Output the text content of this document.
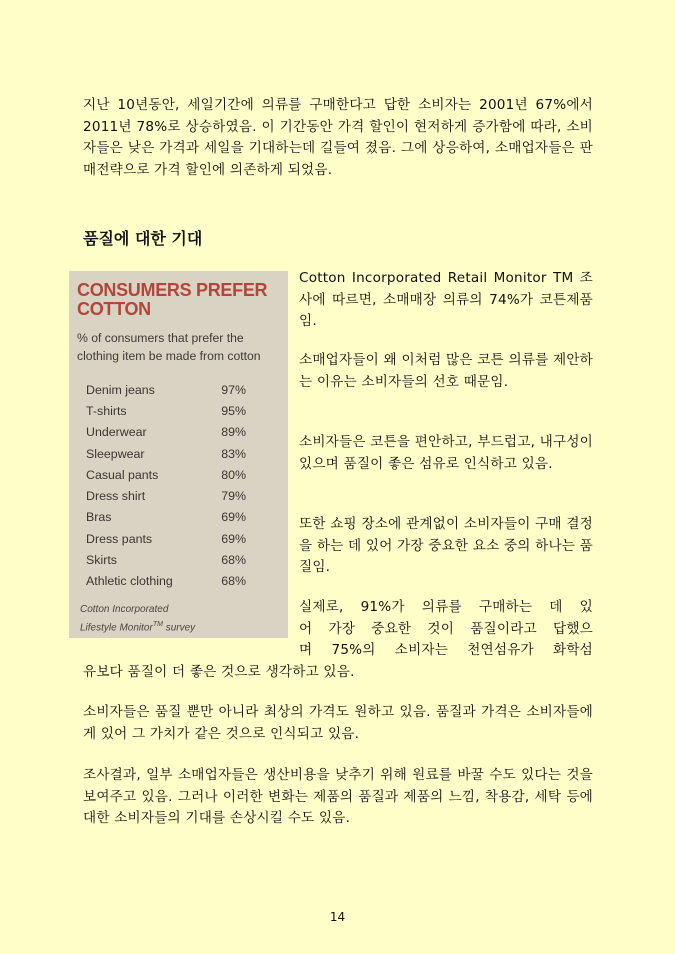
지난 10년동안, 세일기간에 의류를 구매한다고 답한 소비자는 2001년 67%에서 2011년 78%로 상승하였음. 이 기간동안 가격 할인이 현저하게 증가함에 따라, 소비자들은 낮은 가격과 세일을 기대하는데 길들여 졌음. 그에 상응하여, 소매업자들은 판매전략으로 가격 할인에 의존하게 되었음.

품질에 대한 기대

CONSUMERS PREFER COTTON

% of consumers that prefer the clothing item be made from cotton

Denim jeans	97%
T-shirts	95%
Underwear	89%
Sleepwear	83%
Casual pants	80%
Dress shirt	79%
Bras	69%
Dress pants	69%
Skirts	68%
Athletic clothing	68%

Cotton Incorporated
Lifestyle Monitor™ survey

Cotton Incorporated Retail Monitor TM 조사에 따르면, 소매매장 의류의 74%가 코튼제품임.

소매업자들이 왜 이처럼 많은 코튼 의류를 제안하는 이유는 소비자들의 선호 때문임.

소비자들은 코튼을 편안하고, 부드럽고, 내구성이 있으며 품질이 좋은 섬유로 인식하고 있음.

또한 쇼핑 장소에 관계없이 소비자들이 구매 결정을 하는 데 있어 가장 중요한 요소 중의 하나는 품질임.

실제로, 91%가 의류를 구매하는 데 있

어 가장 중요한 것이 품질이라고 답했으

며 75%의 소비자는 천연섬유가 화학섬

유보다 품질이 더 좋은 것으로 생각하고 있음.

소비자들은 품질 뿐만 아니라 최상의 가격도 원하고 있음. 품질과 가격은 소비자들에게 있어 그 가치가 같은 것으로 인식되고 있음.

조사결과, 일부 소매업자들은 생산비용을 낮추기 위해 원료를 바꿀 수도 있다는 것을 보여주고 있음. 그러나 이러한 변화는 제품의 품질과 제품의 느낌, 착용감, 세탁 등에 대한 소비자들의 기대를 손상시킬 수도 있음.

14
